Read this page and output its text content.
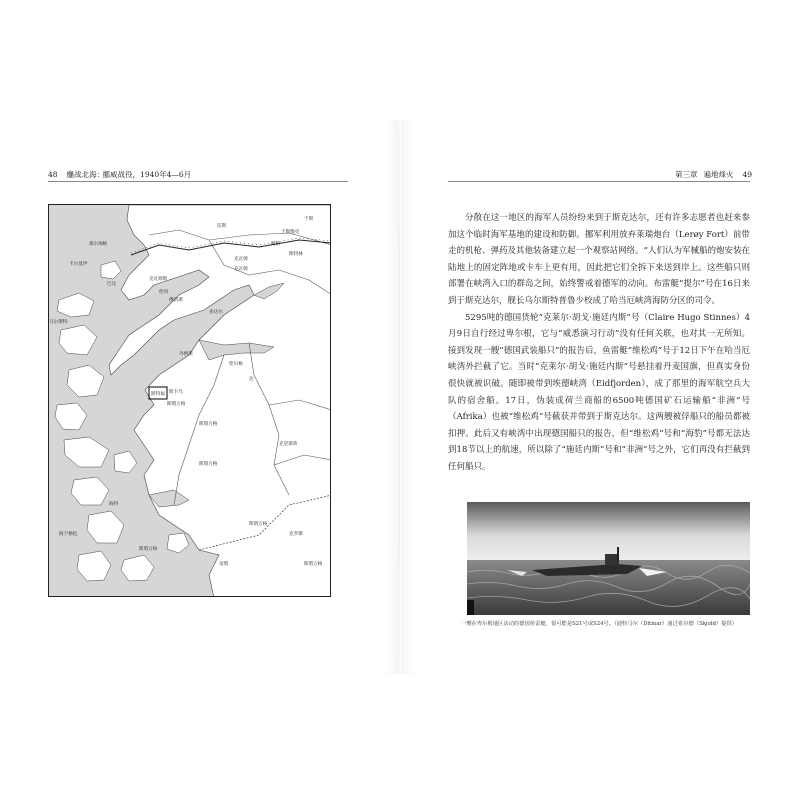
48 鏖战北海：挪威战役，1940年4—6月	第三章 遍地烽火 49
沃斯
于斯维克
阿纳
斯特林
克瓦姆
克瓦姆
克瓦姆斯
伦河
佛洛斯
多达尔
那尔海峡
卡尔莫伊
巴达
马尔斯特
丹纳斯
伦贝格
达
斯特福 斯卡乌
斯塔万格
海于格松
克里斯蒂
斯塔万格
斯塔万格
克罗斯
哥塔
海特
斯塔万格
斯塔万格
斯塔万格
于斯	分散在这一地区的海军人员纷纷来到于斯克达尔，还有许多志愿者也赶来参加这个临时海军基地的建设和防御。挪军利用放弃莱瑞炮台（Lerøy Fort）前带走的机枪、弹药及其他装备建立起一个观察站网络。“人们认为军械船的炮安装在陆地上的固定阵地或卡车上更有用，因此把它们全拆下来送到岸上。这些船只则部署在峡湾入口的群岛之间，始终警戒着德军的动向。布雷艇“提尔”号在16日来到于斯克达尔，舰长乌尔斯特普鲁少校成了哈当厄峡湾海防分区的司令。

5295吨的德国货轮“克莱尔·胡戈·施廷内斯”号（Claire Hugo Stinnes）4月9日自行经过卑尔根，它与“威悉演习行动”没有任何关联，也对其一无所知。接到发现一艘“德国武装船只”的报告后，鱼雷艇“维松鸡”号于12日下午在哈当厄峡湾外拦截了它。当时“克莱尔·胡戈·施廷内斯”号悬挂着丹麦国旗，但真实身份很快就被识破。随即被带到埃德峡湾（Eidfjorden），成了那里的海军航空兵大队的宿舍船。17日，伪装成荷兰商船的6500吨德国矿石运输船“非洲”号（Afrika）也被“维松鸡”号截获并带到于斯克达尔。这两艘被俘船只的船员都被扣押。此后又有峡湾中出现德国船只的报告，但“维松鸡”号和“海豹”号都无法达到18节以上的航速，所以除了“施廷内斯”号和“非洲”号之外，它们再没有拦截到任何船只。

一艘在卑尔根地区活动的德国鱼雷艇，很可能是S21号或S24号。（迪特马尔（Ditmar）通过希尔德（Skjold）提供）
